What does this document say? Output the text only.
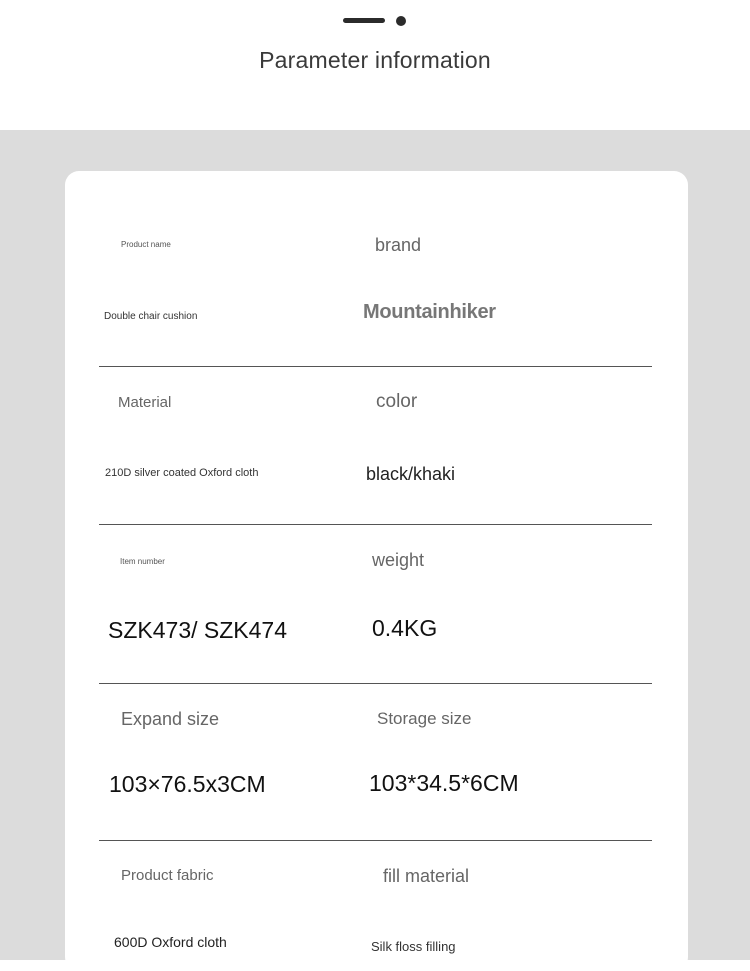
Parameter information
Product name
Double chair cushion
brand
Mountainhiker
Material
210D silver coated Oxford cloth
color
black/khaki
Item number
SZK473/ SZK474
weight
0.4KG
Expand size
103×76.5x3CM
Storage size
103*34.5*6CM
Product fabric
600D Oxford cloth
fill material
Silk floss filling
